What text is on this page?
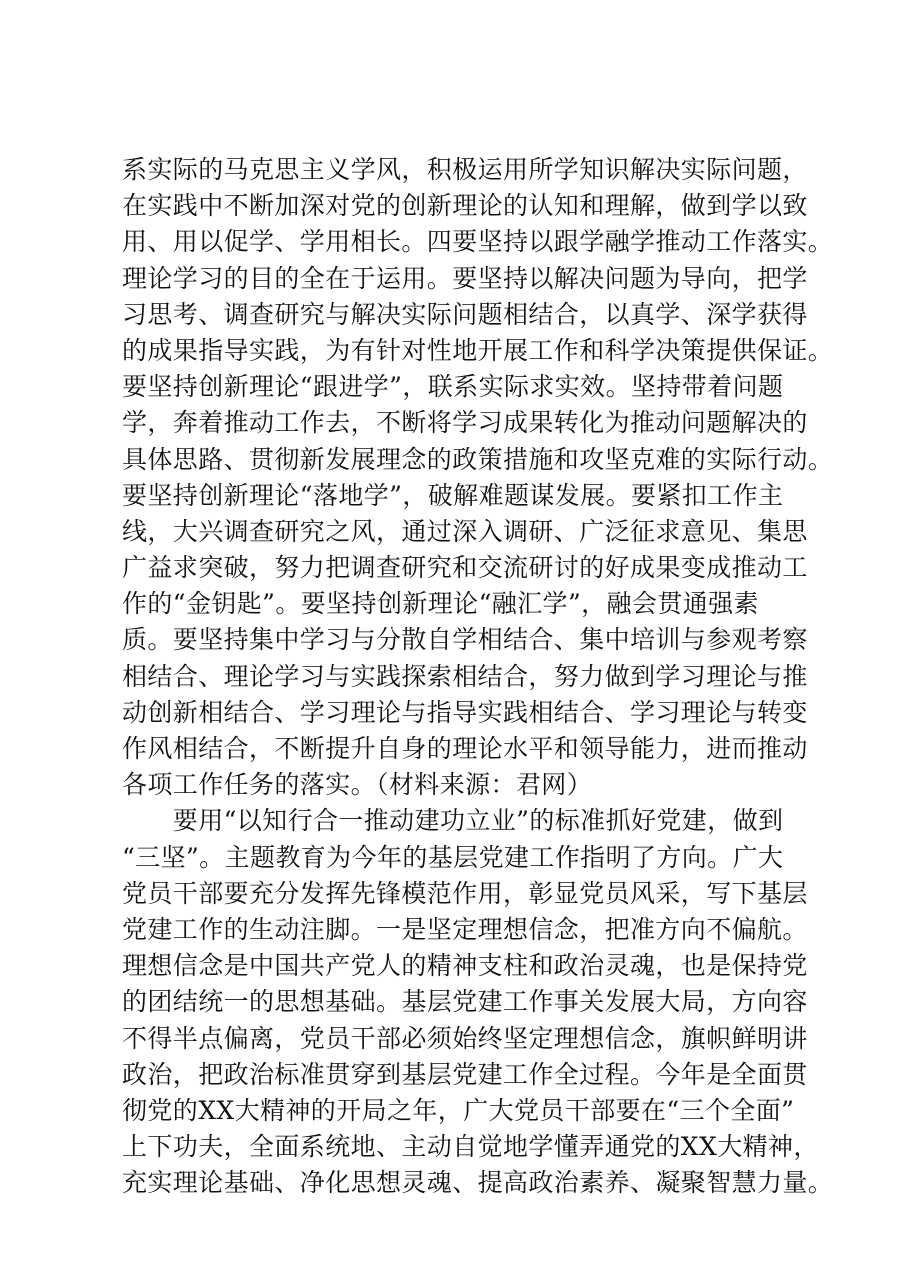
系实际的马克思主义学风，积极运用所学知识解决实际问题，
在实践中不断加深对党的创新理论的认知和理解，做到学以致
用、用以促学、学用相长。四要坚持以跟学融学推动工作落实。
理论学习的目的全在于运用。要坚持以解决问题为导向，把学
习思考、调查研究与解决实际问题相结合，以真学、深学获得
的成果指导实践，为有针对性地开展工作和科学决策提供保证。
要坚持创新理论“跟进学”，联系实际求实效。坚持带着问题
学，奔着推动工作去，不断将学习成果转化为推动问题解决的
具体思路、贯彻新发展理念的政策措施和攻坚克难的实际行动。
要坚持创新理论“落地学”，破解难题谋发展。要紧扣工作主
线，大兴调查研究之风，通过深入调研、广泛征求意见、集思
广益求突破，努力把调查研究和交流研讨的好成果变成推动工
作的“金钥匙”。要坚持创新理论“融汇学”，融会贯通强素
质。要坚持集中学习与分散自学相结合、集中培训与参观考察
相结合、理论学习与实践探索相结合，努力做到学习理论与推
动创新相结合、学习理论与指导实践相结合、学习理论与转变
作风相结合，不断提升自身的理论水平和领导能力，进而推动
各项工作任务的落实。（材料来源：君网）
　　要用“以知行合一推动建功立业”的标准抓好党建，做到
“三坚”。主题教育为今年的基层党建工作指明了方向。广大
党员干部要充分发挥先锋模范作用，彰显党员风采，写下基层
党建工作的生动注脚。一是坚定理想信念，把准方向不偏航。
理想信念是中国共产党人的精神支柱和政治灵魂，也是保持党
的团结统一的思想基础。基层党建工作事关发展大局，方向容
不得半点偏离，党员干部必须始终坚定理想信念，旗帜鲜明讲
政治，把政治标准贯穿到基层党建工作全过程。今年是全面贯
彻党的XX大精神的开局之年，广大党员干部要在“三个全面”
上下功夫，全面系统地、主动自觉地学懂弄通党的XX大精神，
充实理论基础、净化思想灵魂、提高政治素养、凝聚智慧力量。
